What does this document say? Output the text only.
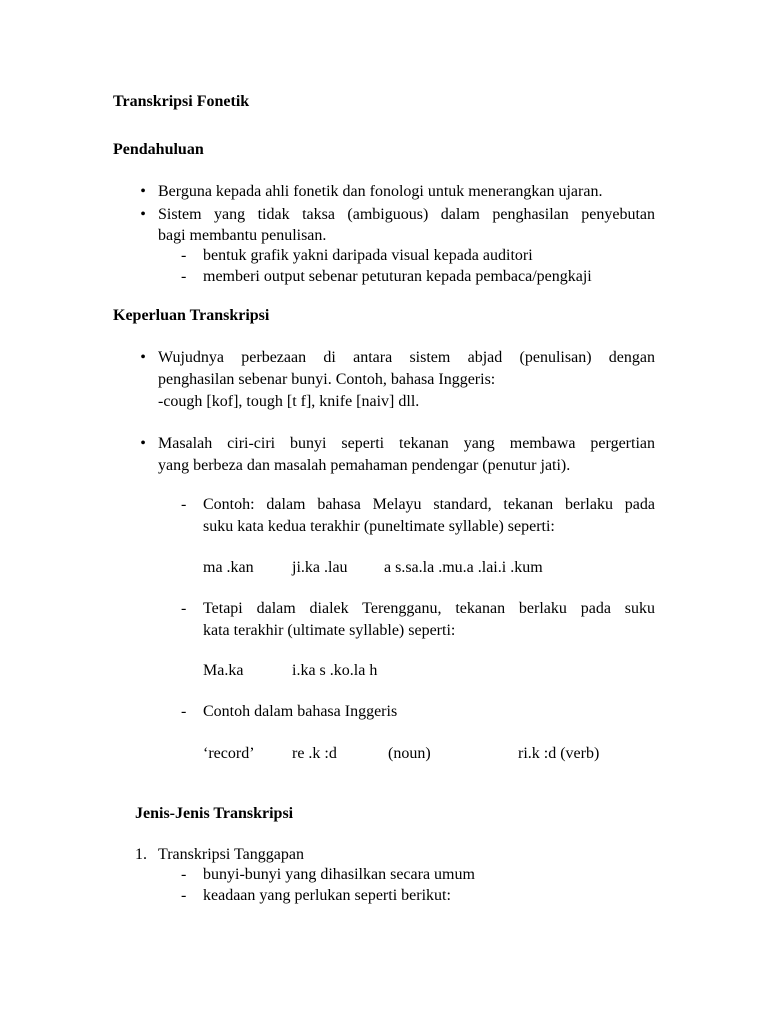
Transkripsi Fonetik
Pendahuluan
• Berguna kepada ahli fonetik dan fonologi untuk menerangkan ujaran.
• Sistem yang tidak taksa (ambiguous) dalam penghasilan penyebutan
bagi membantu penulisan.
- bentuk grafik yakni daripada visual kepada auditori
- memberi output sebenar petuturan kepada pembaca/pengkaji
Keperluan Transkripsi
• Wujudnya perbezaan di antara sistem abjad (penulisan) dengan
penghasilan sebenar bunyi. Contoh, bahasa Inggeris:
-cough [kof], tough [t f], knife [naiv] dll.
• Masalah ciri-ciri bunyi seperti tekanan yang membawa pergertian
yang berbeza dan masalah pemahaman pendengar (penutur jati).
- Contoh: dalam bahasa Melayu standard, tekanan berlaku pada
suku kata kedua terakhir (puneltimate syllable) seperti:
ma .kan ji.ka .lau a s.sa.la .mu.a .lai.i .kum
- Tetapi dalam dialek Terengganu, tekanan berlaku pada suku
kata terakhir (ultimate syllable) seperti:
Ma.ka	i.ka s .ko.la h
- Contoh dalam bahasa Inggeris
‘record’ re .k :d	(noun)	ri.k :d (verb)
Jenis-Jenis Transkripsi
1. Transkripsi Tanggapan
- bunyi-bunyi yang dihasilkan secara umum
- keadaan yang perlukan seperti berikut:
